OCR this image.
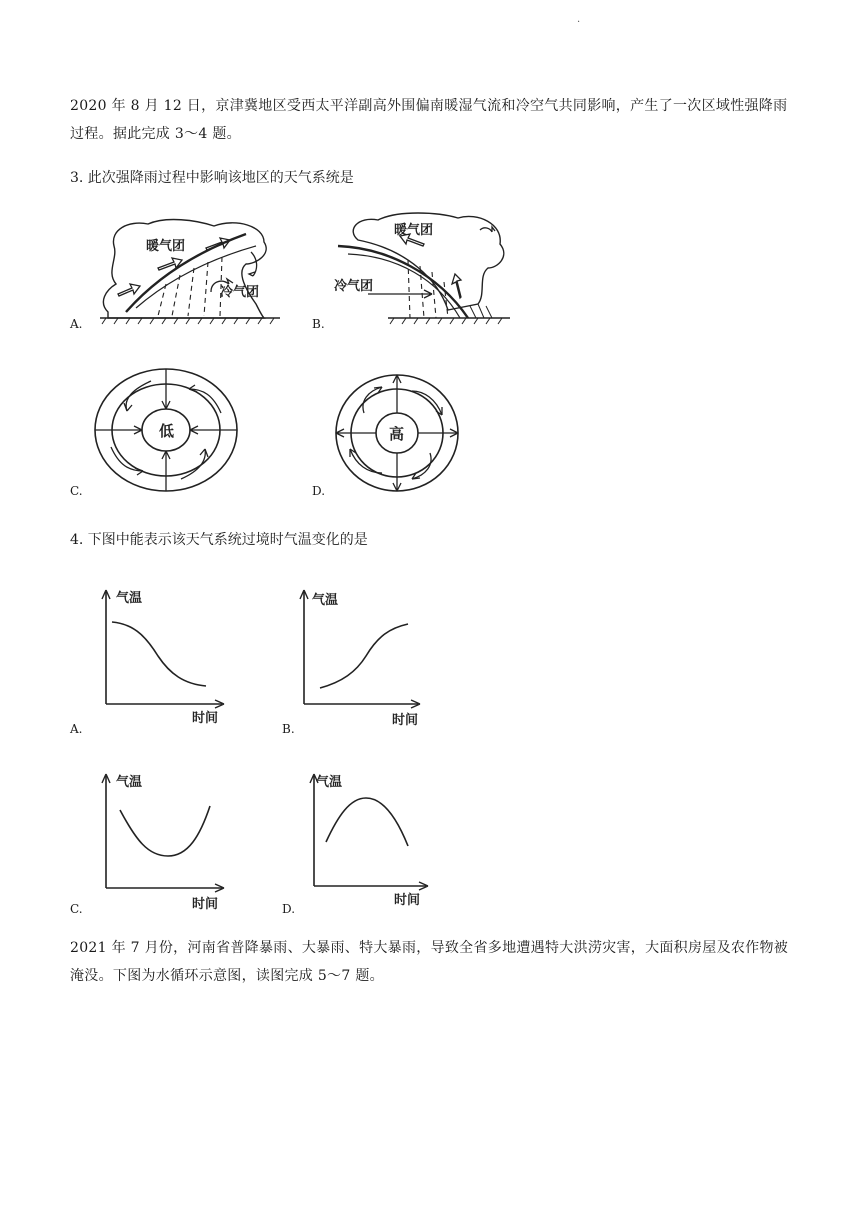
.
2020 年 8 月 12 日，京津冀地区受西太平洋副高外围偏南暖湿气流和冷空气共同影响，产生了一次区域性强降雨过程。据此完成 3～4 题。
3. 此次强降雨过程中影响该地区的天气系统是
暖气团
冷气团
A.
暖气团
冷气团
B.
低
C.
高
D.
4. 下图中能表示该天气系统过境时气温变化的是
气温
时间
A.
气温
时间
B.
气温
时间
C.
气温
时间
D.
2021 年 7 月份，河南省普降暴雨、大暴雨、特大暴雨，导致全省多地遭遇特大洪涝灾害，大面积房屋及农作物被淹没。下图为水循环示意图，读图完成 5～7 题。
